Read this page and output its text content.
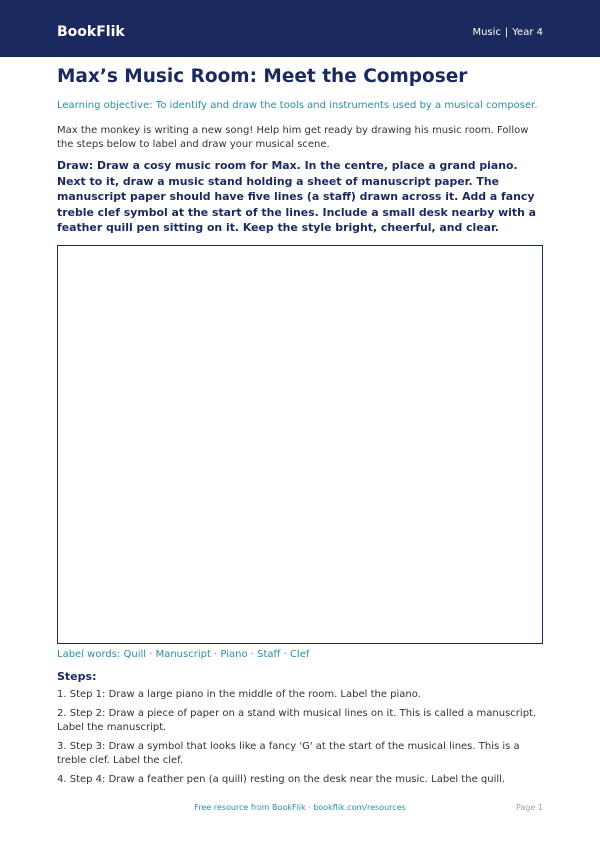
BookFlik	Music | Year 4
Max’s Music Room: Meet the Composer

Learning objective: To identify and draw the tools and instruments used by a musical composer.

Max the monkey is writing a new song! Help him get ready by drawing his music room. Follow the steps below to label and draw your musical scene.

Draw: Draw a cosy music room for Max. In the centre, place a grand piano. Next to it, draw a music stand holding a sheet of manuscript paper. The manuscript paper should have five lines (a staff) drawn across it. Add a fancy treble clef symbol at the start of the lines. Include a small desk nearby with a feather quill pen sitting on it. Keep the style bright, cheerful, and clear.

Label words: Quill · Manuscript · Piano · Staff · Clef

Steps:

1. Step 1: Draw a large piano in the middle of the room. Label the piano.
2. Step 2: Draw a piece of paper on a stand with musical lines on it. This is called a manuscript. Label the manuscript.
3. Step 3: Draw a symbol that looks like a fancy 'G' at the start of the musical lines. This is a treble clef. Label the clef.
4. Step 4: Draw a feather pen (a quill) resting on the desk near the music. Label the quill.
Free resource from BookFlik · bookflik.com/resources	Page 1
